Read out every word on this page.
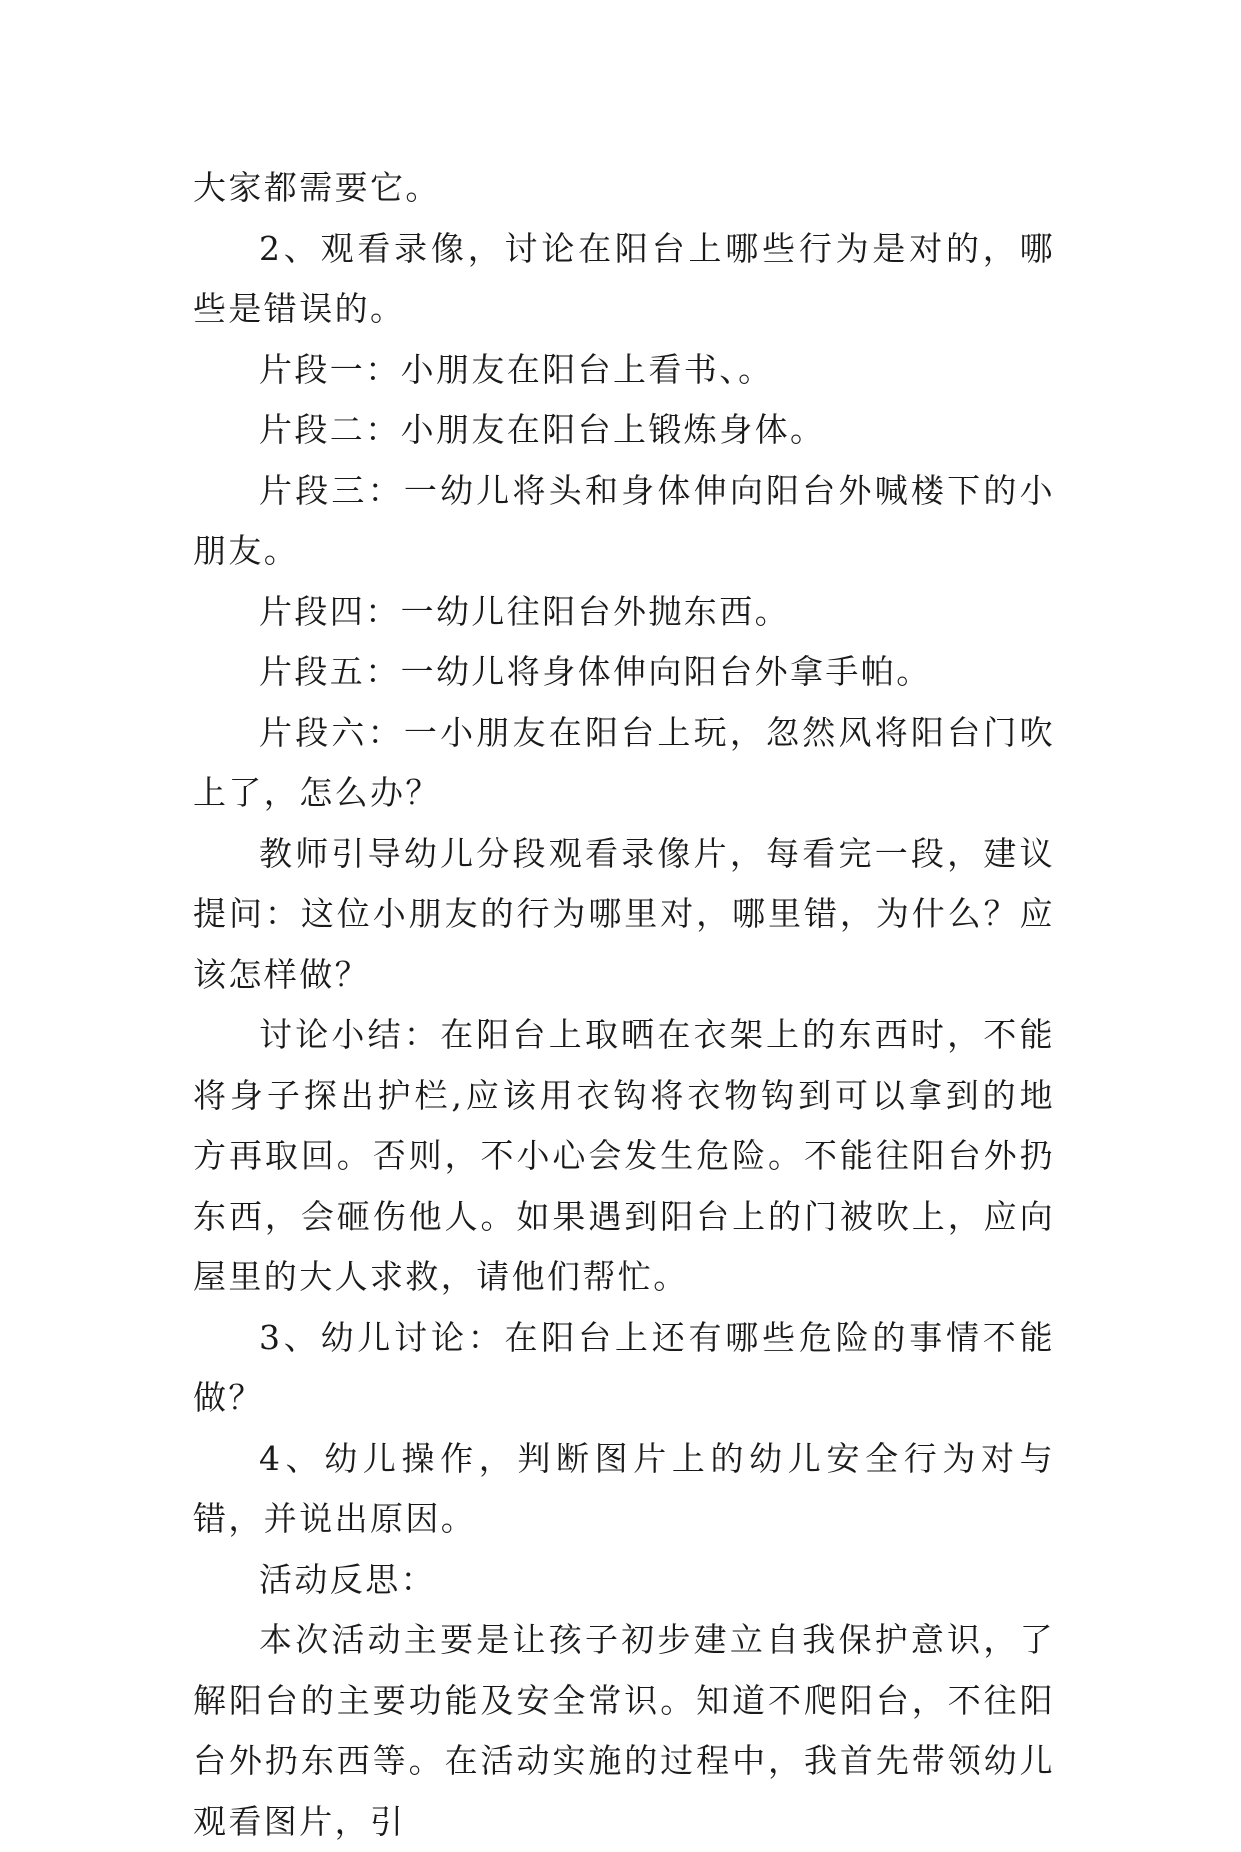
大家都需要它。

2、观看录像，讨论在阳台上哪些行为是对的，哪些是错误的。

片段一：小朋友在阳台上看书、。

片段二：小朋友在阳台上锻炼身体。

片段三：一幼儿将头和身体伸向阳台外喊楼下的小朋友。

片段四：一幼儿往阳台外抛东西。

片段五：一幼儿将身体伸向阳台外拿手帕。

片段六：一小朋友在阳台上玩，忽然风将阳台门吹上了，怎么办？

教师引导幼儿分段观看录像片，每看完一段，建议提问：这位小朋友的行为哪里对，哪里错，为什么？应该怎样做？

讨论小结：在阳台上取晒在衣架上的东西时，不能将身子探出护栏,应该用衣钩将衣物钩到可以拿到的地方再取回。否则，不小心会发生危险。不能往阳台外扔东西，会砸伤他人。如果遇到阳台上的门被吹上，应向屋里的大人求救，请他们帮忙。

3、幼儿讨论：在阳台上还有哪些危险的事情不能做？

4、幼儿操作，判断图片上的幼儿安全行为对与错，并说出原因。

活动反思：

本次活动主要是让孩子初步建立自我保护意识，了解阳台的主要功能及安全常识。知道不爬阳台，不往阳台外扔东西等。在活动实施的过程中，我首先带领幼儿观看图片，引
